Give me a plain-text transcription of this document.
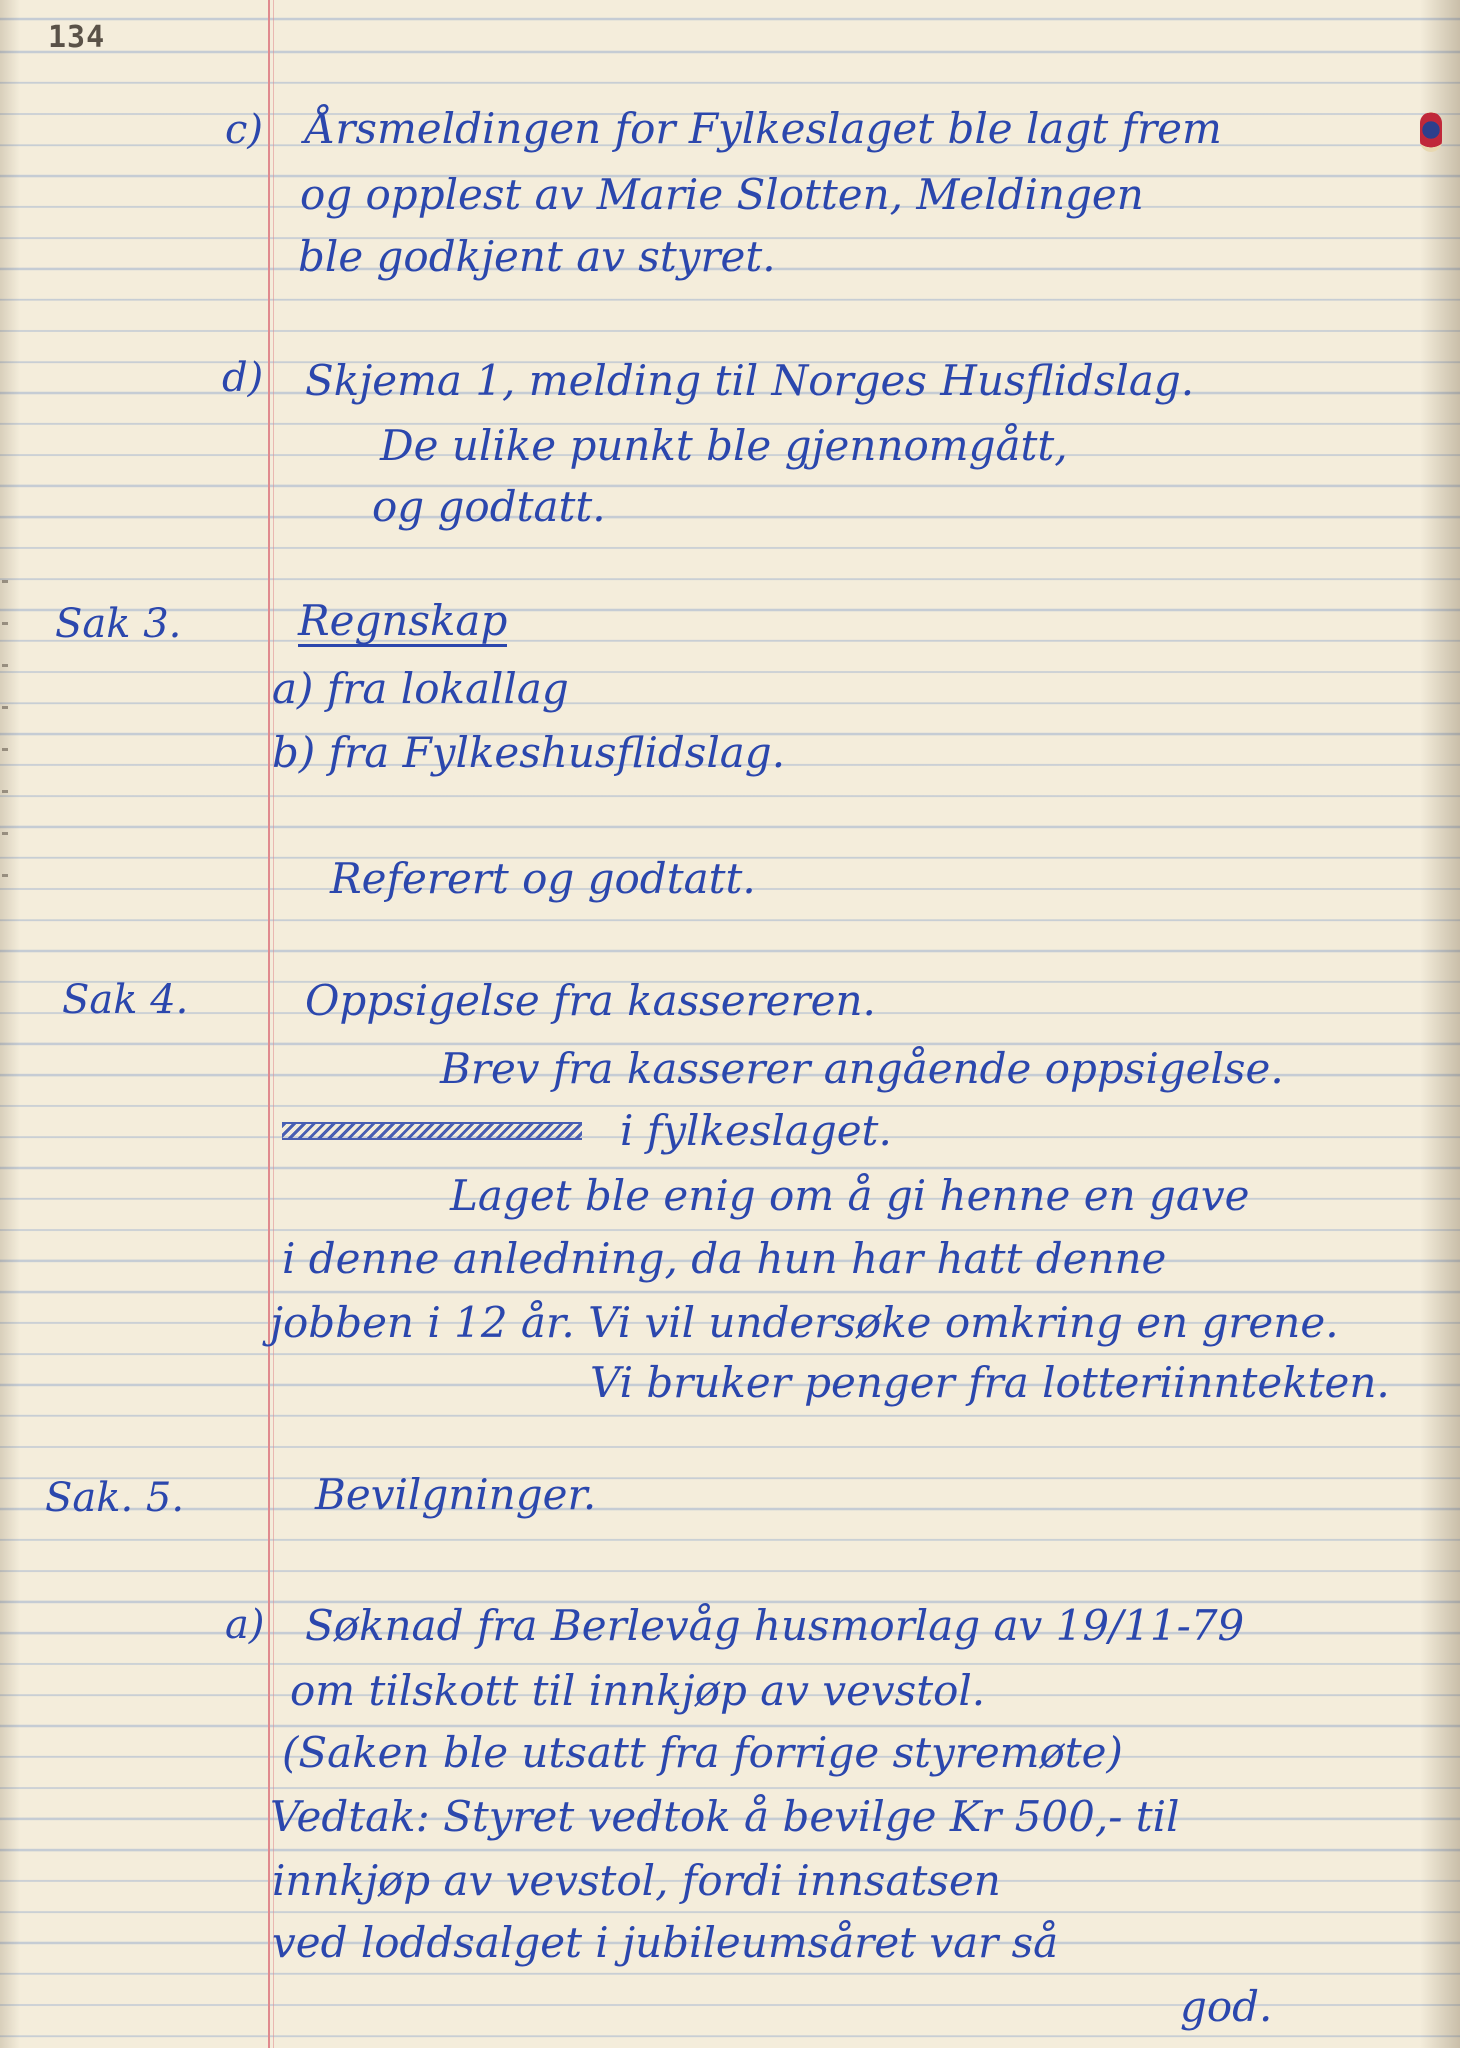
134
c) Årsmeldingen for Fylkeslaget ble lagt frem
og opplest av Marie Slotten, Meldingen
ble godkjent av styret.
d) Skjema 1, melding til Norges Husflidslag.
De ulike punkt ble gjennomgått,
og godtatt.
Sak 3.	Regnskap
a) fra lokallag
b) fra Fylkeshusflidslag.
Referert og godtatt.
Sak 4.	Oppsigelse fra kassereren.
Brev fra kasserer angående oppsigelse.
i fylkeslaget.
Laget ble enig om å gi henne en gave
i denne anledning, da hun har hatt denne
jobben i 12 år. Vi vil undersøke omkring en grene.
Vi bruker penger fra lotteriinntekten.
Sak. 5.	Bevilgninger.
a) Søknad fra Berlevåg husmorlag av 19/11-79
om tilskott til innkjøp av vevstol.
(Saken ble utsatt fra forrige styremøte)
Vedtak: Styret vedtok å bevilge Kr 500,- til
innkjøp av vevstol, fordi innsatsen
ved loddsalget i jubileumsåret var så
god.
